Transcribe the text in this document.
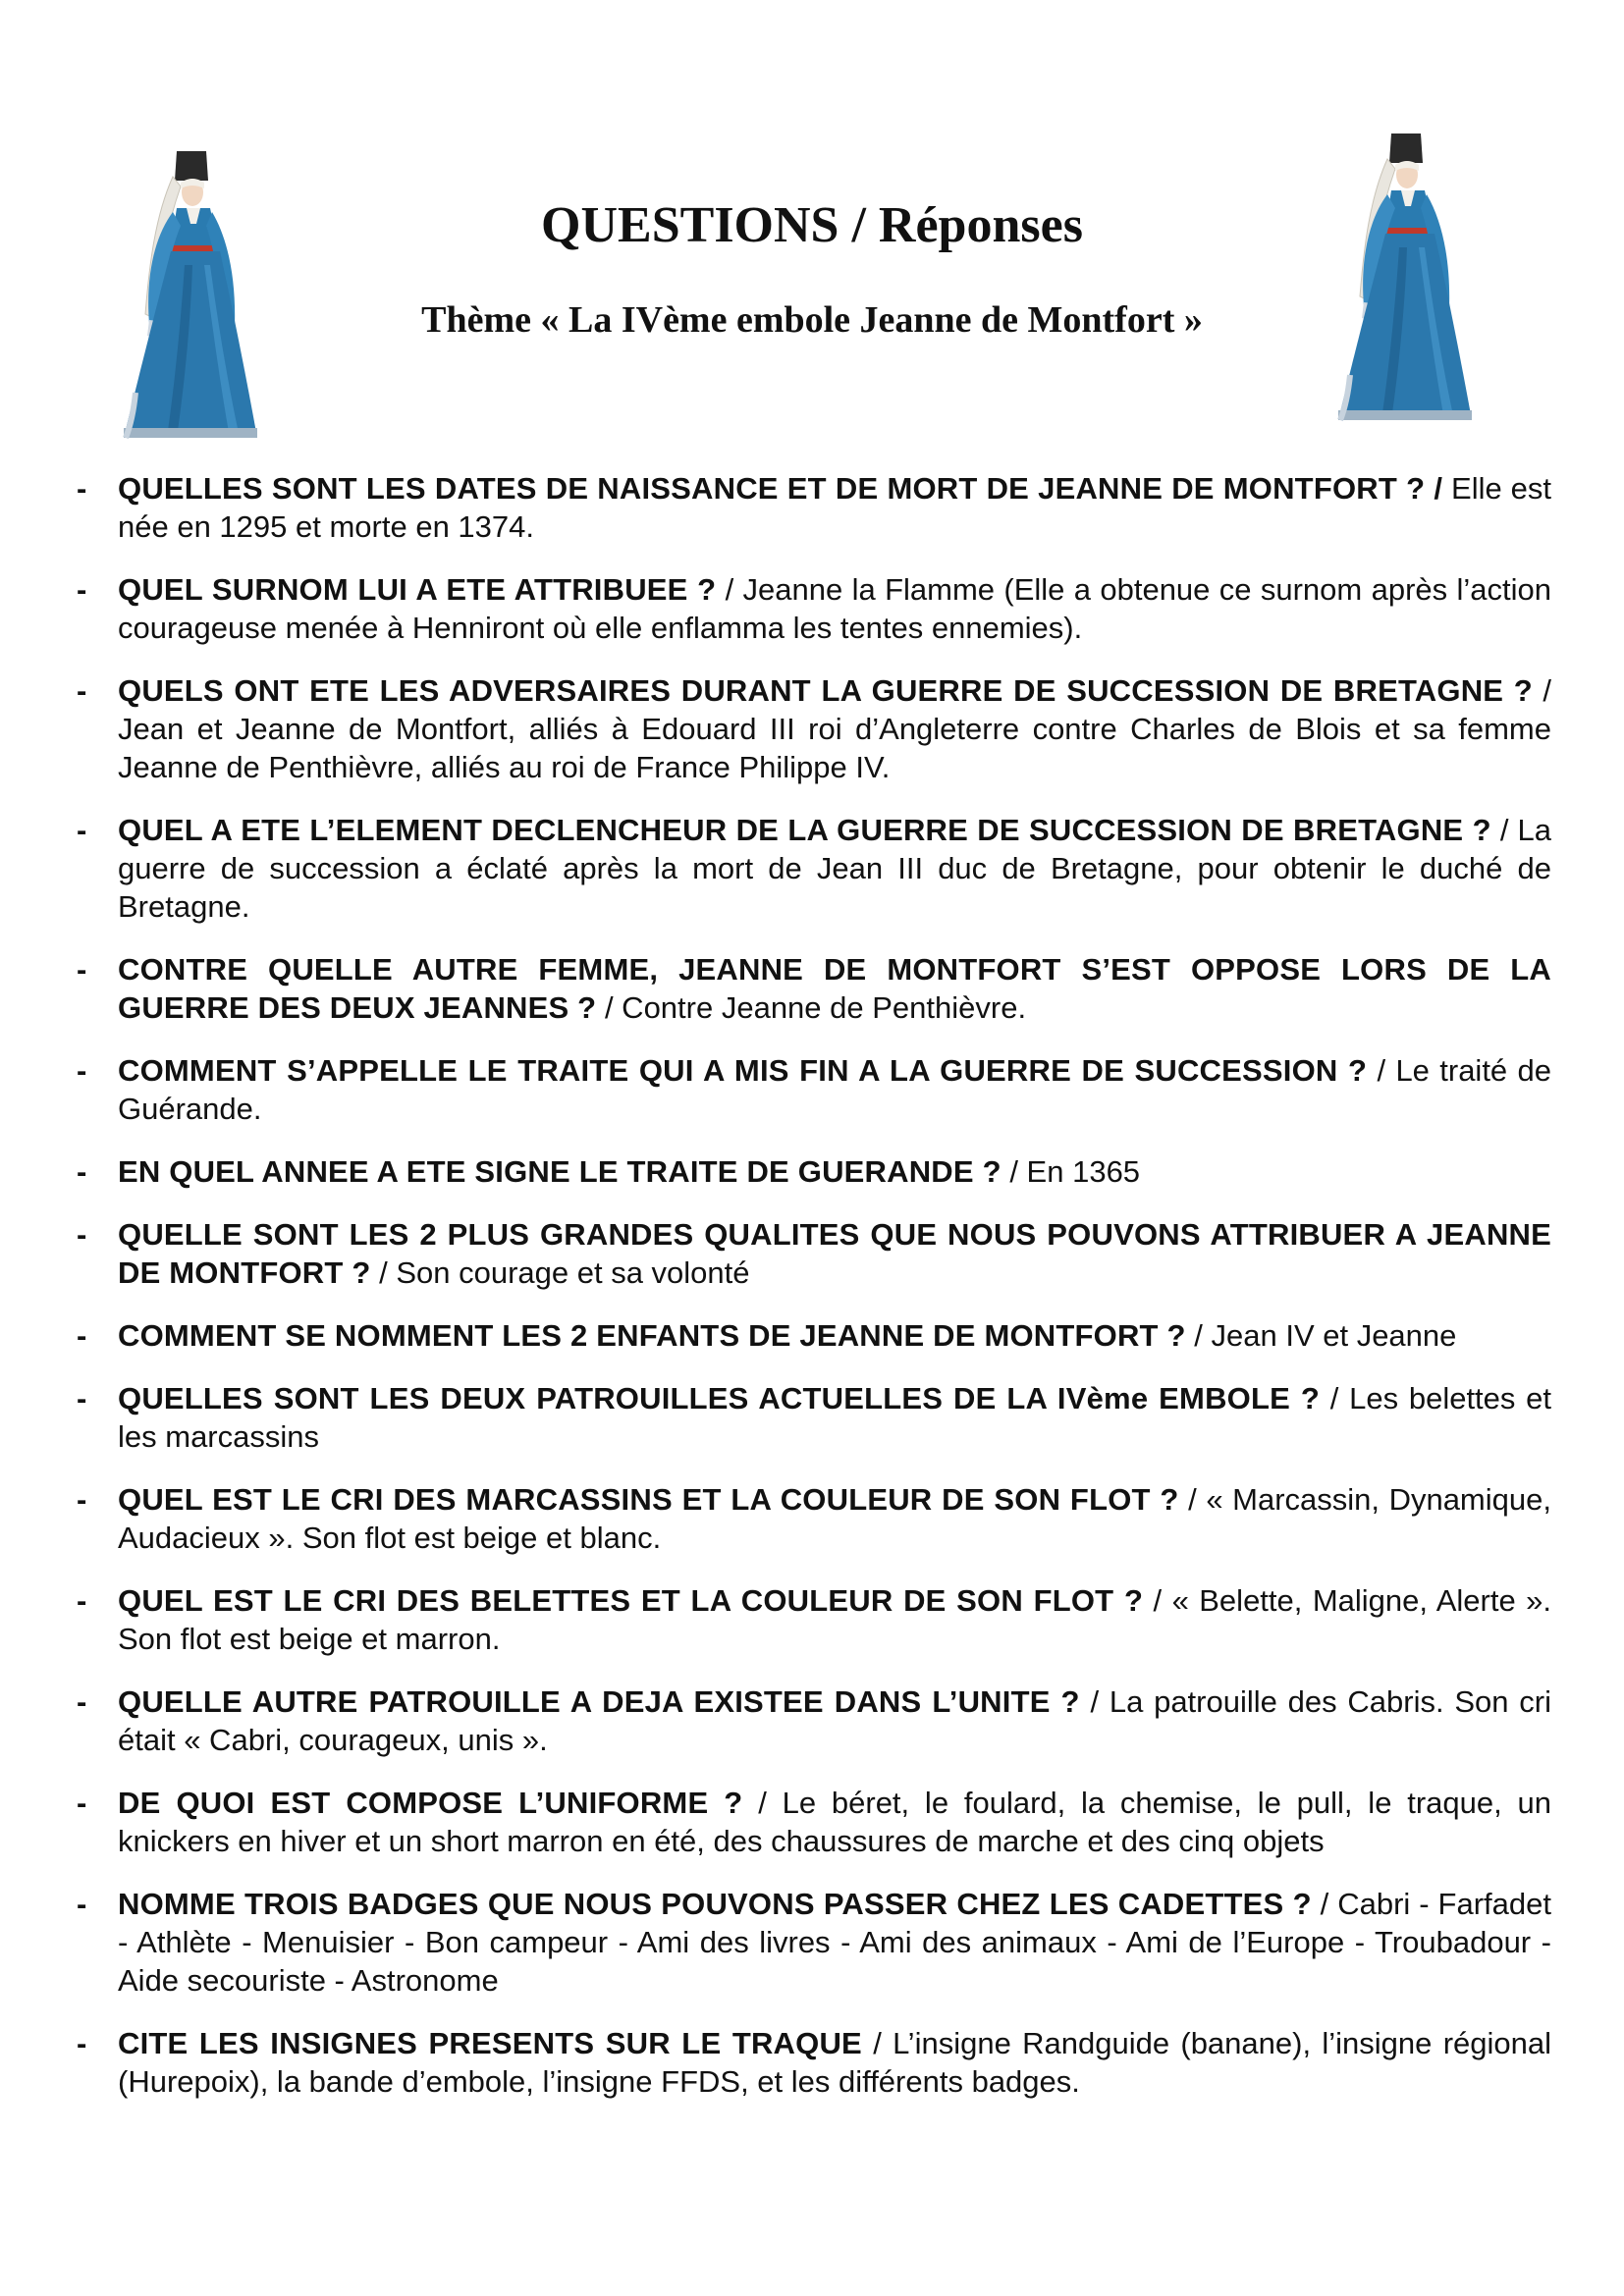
QUESTIONS / Réponses
Thème « La IVème embole Jeanne de Montfort »
- QUELLES SONT LES DATES DE NAISSANCE ET DE MORT DE JEANNE DE MONTFORT ? / Elle est née en 1295 et morte en 1374.
- QUEL SURNOM LUI A ETE ATTRIBUEE ? / Jeanne la Flamme (Elle a obtenue ce surnom après l’action courageuse menée à Henniront où elle enflamma les tentes ennemies).
- QUELS ONT ETE LES ADVERSAIRES DURANT LA GUERRE DE SUCCESSION DE BRETAGNE ? / Jean et Jeanne de Montfort, alliés à Edouard III roi d’Angleterre contre Charles de Blois et sa femme Jeanne de Penthièvre, alliés au roi de France Philippe IV.
- QUEL A ETE L’ELEMENT DECLENCHEUR DE LA GUERRE DE SUCCESSION DE BRETAGNE ? / La guerre de succession a éclaté après la mort de Jean III duc de Bretagne, pour obtenir le duché de Bretagne.
- CONTRE QUELLE AUTRE FEMME, JEANNE DE MONTFORT S’EST OPPOSE LORS DE LA GUERRE DES DEUX JEANNES ? / Contre Jeanne de Penthièvre.
- COMMENT S’APPELLE LE TRAITE QUI A MIS FIN A LA GUERRE DE SUCCESSION ? / Le traité de Guérande.
- EN QUEL ANNEE A ETE SIGNE LE TRAITE DE GUERANDE ? / En 1365
- QUELLE SONT LES 2 PLUS GRANDES QUALITES QUE NOUS POUVONS ATTRIBUER A JEANNE DE MONTFORT ? / Son courage et sa volonté
- COMMENT SE NOMMENT LES 2 ENFANTS DE JEANNE DE MONTFORT ? / Jean IV et Jeanne
- QUELLES SONT LES DEUX PATROUILLES ACTUELLES DE LA IVème EMBOLE ? / Les belettes et les marcassins
- QUEL EST LE CRI DES MARCASSINS ET LA COULEUR DE SON FLOT ? / « Marcassin, Dynamique, Audacieux ». Son flot est beige et blanc.
- QUEL EST LE CRI DES BELETTES ET LA COULEUR DE SON FLOT ? / « Belette, Maligne, Alerte ». Son flot est beige et marron.
- QUELLE AUTRE PATROUILLE A DEJA EXISTEE DANS L’UNITE ? / La patrouille des Cabris. Son cri était « Cabri, courageux, unis ».
- DE QUOI EST COMPOSE L’UNIFORME ? / Le béret, le foulard, la chemise, le pull, le traque, un knickers en hiver et un short marron en été, des chaussures de marche et des cinq objets
- NOMME TROIS BADGES QUE NOUS POUVONS PASSER CHEZ LES CADETTES ? / Cabri - Farfadet - Athlète - Menuisier - Bon campeur - Ami des livres - Ami des animaux - Ami de l’Europe - Troubadour - Aide secouriste - Astronome
- CITE LES INSIGNES PRESENTS SUR LE TRAQUE / L’insigne Randguide (banane), l’insigne régional (Hurepoix), la bande d’embole, l’insigne FFDS, et les différents badges.
